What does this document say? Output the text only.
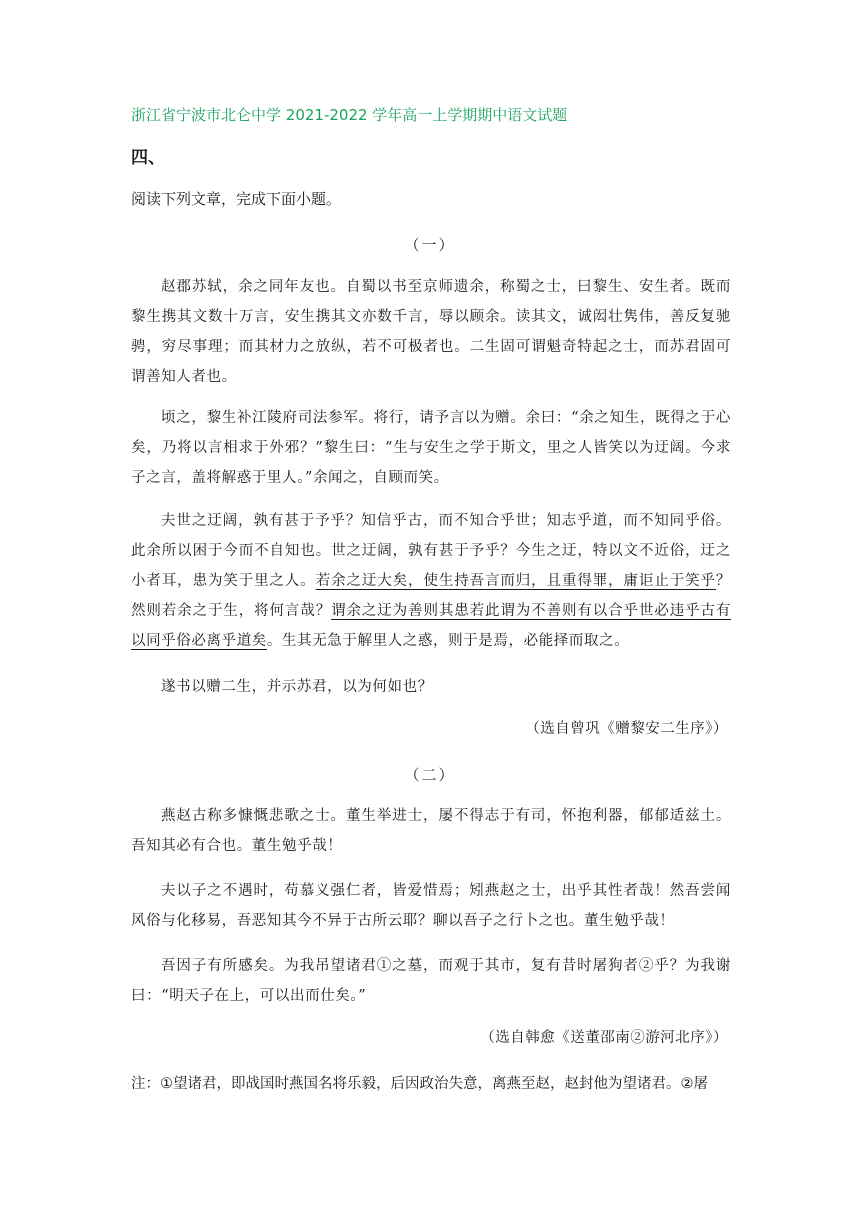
浙江省宁波市北仑中学 2021-2022 学年高一上学期期中语文试题
四、
阅读下列文章，完成下面小题。
（一）
赵郡苏轼，余之同年友也。自蜀以书至京师遗余，称蜀之士，曰黎生、安生者。既而黎生携其文数十万言，安生携其文亦数千言，辱以顾余。读其文，诚闳壮隽伟，善反复驰骋，穷尽事理；而其材力之放纵，若不可极者也。二生固可谓魁奇特起之士，而苏君固可谓善知人者也。
顷之，黎生补江陵府司法参军。将行，请予言以为赠。余曰：“余之知生，既得之于心矣，乃将以言相求于外邪？”黎生曰：“生与安生之学于斯文，里之人皆笑以为迂阔。今求子之言，盖将解惑于里人。”余闻之，自顾而笑。
夫世之迂阔，孰有甚于予乎？知信乎古，而不知合乎世；知志乎道，而不知同乎俗。此余所以困于今而不自知也。世之迂阔，孰有甚于予乎？今生之迂，特以文不近俗，迂之小者耳，患为笑于里之人。若余之迂大矣，使生持吾言而归，且重得罪，庸讵止于笑乎？然则若余之于生，将何言哉？谓余之迂为善则其患若此谓为不善则有以合乎世必违乎古有以同乎俗必离乎道矣。生其无急于解里人之惑，则于是焉，必能择而取之。
遂书以赠二生，并示苏君，以为何如也？
（选自曾巩《赠黎安二生序》）
（二）
燕赵古称多慷慨悲歌之士。董生举进士，屡不得志于有司，怀抱利器，郁郁适兹土。吾知其必有合也。董生勉乎哉！
夫以子之不遇时，苟慕义强仁者，皆爱惜焉；矧燕赵之士，出乎其性者哉！然吾尝闻风俗与化移易，吾恶知其今不异于古所云耶？聊以吾子之行卜之也。董生勉乎哉！
吾因子有所感矣。为我吊望诸君①之墓，而观于其市，复有昔时屠狗者②乎？为我谢曰：“明天子在上，可以出而仕矣。”
（选自韩愈《送董邵南②游河北序》）
注：①望诸君，即战国时燕国名将乐毅，后因政治失意，离燕至赵，赵封他为望诸君。②屠
